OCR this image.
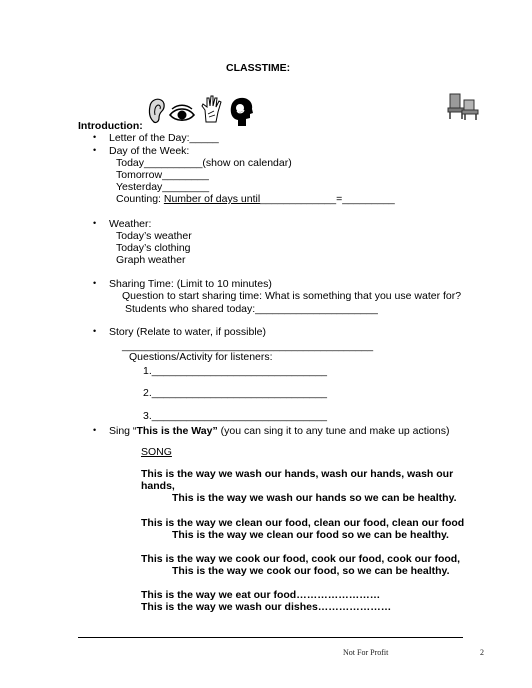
CLASSTIME:
Introduction:
• Letter of the Day:_____
• Day of the Week:
Today__________(show on calendar)
Tomorrow________
Yesterday________
Counting: Number of days until_____________=_________
• Weather:
Today’s weather
Today’s clothing
Graph weather
• Sharing Time: (Limit to 10 minutes)
Question to start sharing time: What is something that you use water for?
Students who shared today:_____________________
• Story (Relate to water, if possible)
___________________________________________
Questions/Activity for listeners:
1.______________________________
2.______________________________
3.______________________________
• Sing “This is the Way” (you can sing it to any tune and make up actions)
SONG
This is the way we wash our hands, wash our hands, wash our
hands,
This is the way we wash our hands so we can be healthy.
This is the way we clean our food, clean our food, clean our food
This is the way we clean our food so we can be healthy.
This is the way we cook our food, cook our food, cook our food,
This is the way we cook our food, so we can be healthy.
This is the way we eat our food……………………
This is the way we wash our dishes…………………
Not For Profit	2
